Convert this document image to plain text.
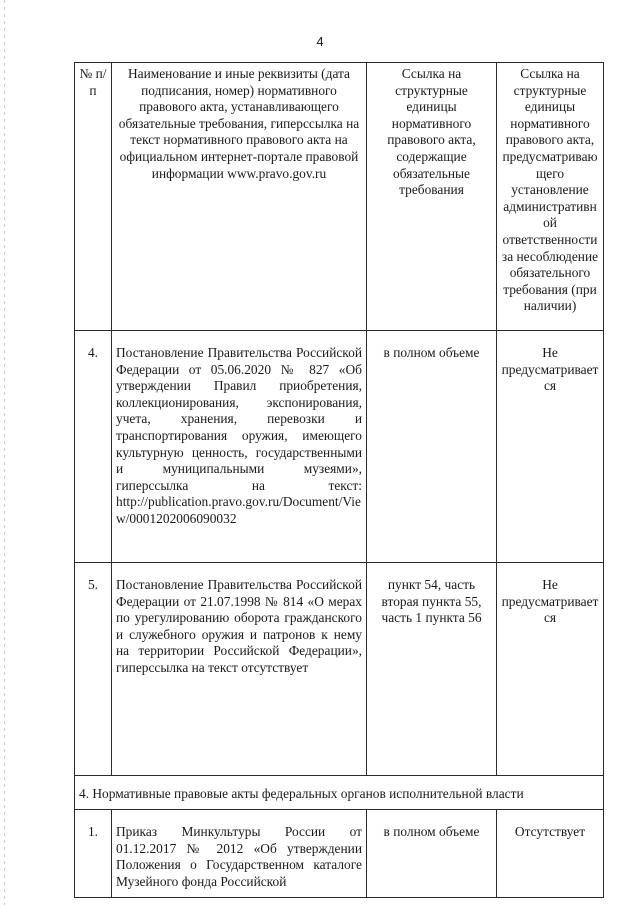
4
№ п/п	Наименование и иные реквизиты (дата подписания, номер) нормативного правового акта, устанавливающего обязательные требования, гиперссылка на текст нормативного правового акта на официальном интернет-портале правовой информации www.pravo.gov.ru	Ссылка на структурные единицы нормативного правового акта, содержащие обязательные требования	Ссылка на структурные единицы нормативного правового акта, предусматривающего установление административной ответственности за несоблюдение обязательного требования (при наличии)
4.	Постановление Правительства Российской Федерации от 05.06.2020 № 827 «Об утверждении Правил приобретения, коллекционирования, экспонирования, учета, хранения, перевозки и транспортирования оружия, имеющего культурную ценность, государственными и муниципальными музеями», гиперссылка на текст: http://publication.pravo.gov.ru/Document/View/0001202006090032	в полном объеме	Не предусматривается
5.	Постановление Правительства Российской Федерации от 21.07.1998 № 814 «О мерах по урегулированию оборота гражданского и служебного оружия и патронов к нему на территории Российской Федерации», гиперссылка на текст отсутствует	пункт 54, часть вторая пункта 55, часть 1 пункта 56	Не предусматривается
4. Нормативные правовые акты федеральных органов исполнительной власти			
1.	Приказ Минкультуры России от 01.12.2017 № 2012 «Об утверждении Положения о Государственном каталоге Музейного фонда Российской	в полном объеме	Отсутствует
